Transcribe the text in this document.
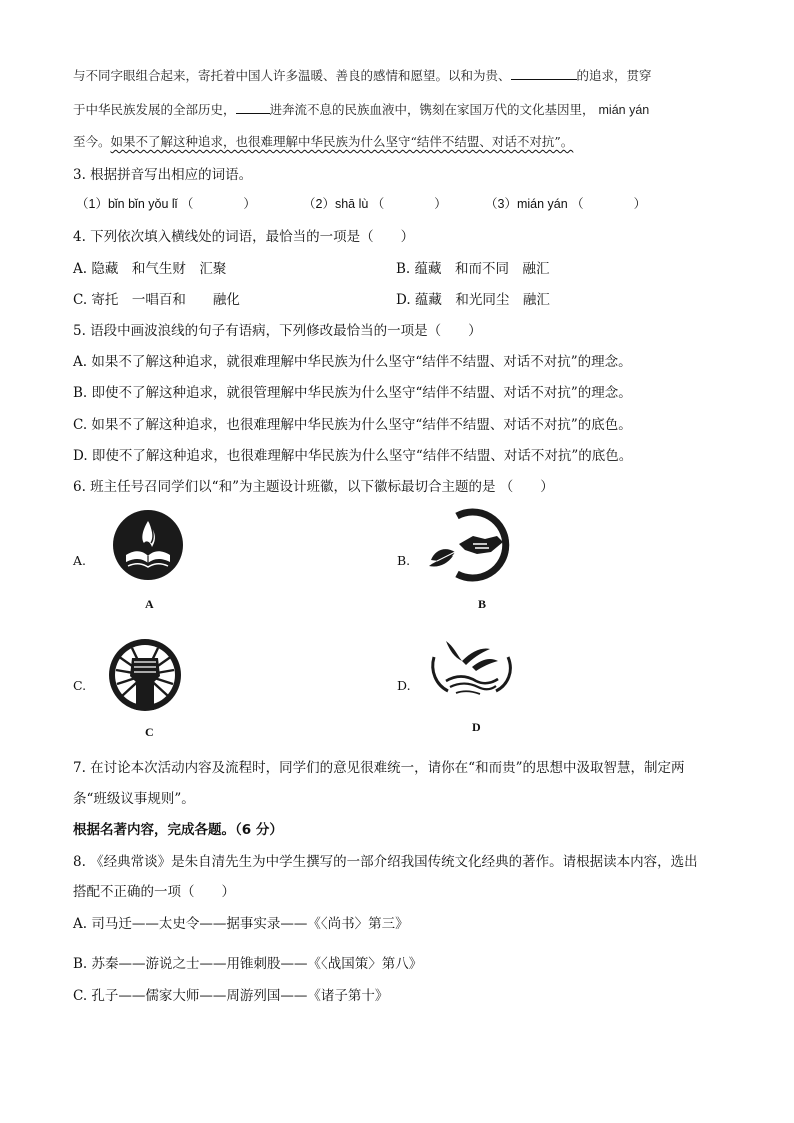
与不同字眼组合起来，寄托着中国人许多温暖、善良的感情和愿望。以和为贵、	的追求，贯穿
于中华民族发展的全部历史，	进奔流不息的民族血液中，镌刻在家国万代的文化基因里， mián yán
至今。如果不了解这种追求，也很难理解中华民族为什么坚守“结伴不结盟、对话不对抗”。
3. 根据拼音写出相应的词语。
（1）bǐn bǐn yǒu lǐ （　　　　）	（2）shā lù （　　　　）	（3）mián yán （　　　　）
4. 下列依次填入横线处的词语，最恰当的一项是（　　）
A. 隐藏　和气生财　汇聚	B. 蕴藏　和而不同　融汇
C. 寄托　一唱百和　　融化	D. 蕴藏　和光同尘　融汇
5. 语段中画波浪线的句子有语病，下列修改最恰当的一项是（　　）
A. 如果不了解这种追求，就很难理解中华民族为什么坚守“结伴不结盟、对话不对抗”的理念。
B. 即使不了解这种追求，就很管理解中华民族为什么坚守“结伴不结盟、对话不对抗”的理念。
C. 如果不了解这种追求，也很难理解中华民族为什么坚守“结伴不结盟、对话不对抗”的底色。
D. 即使不了解这种追求，也很难理解中华民族为什么坚守“结伴不结盟、对话不对抗”的底色。
6. 班主任号召同学们以“和”为主题设计班徽，以下徽标最切合主题的是 （　　）
A.	B.
C.	D.
A	B
C	D
7. 在讨论本次活动内容及流程时，同学们的意见很难统一，请你在“和而贵”的思想中汲取智慧，制定两
条“班级议事规则”。
根据名著内容，完成各题。（6 分）
8. 《经典常谈》是朱自清先生为中学生撰写的一部介绍我国传统文化经典的著作。请根据读本内容，选出
搭配不正确的一项（　　）
A. 司马迁——太史令——据事实录——《〈尚书〉第三》
B. 苏秦——游说之士——用锥刺股——《〈战国策〉第八》
C. 孔子——儒家大师——周游列国——《诸子第十》
